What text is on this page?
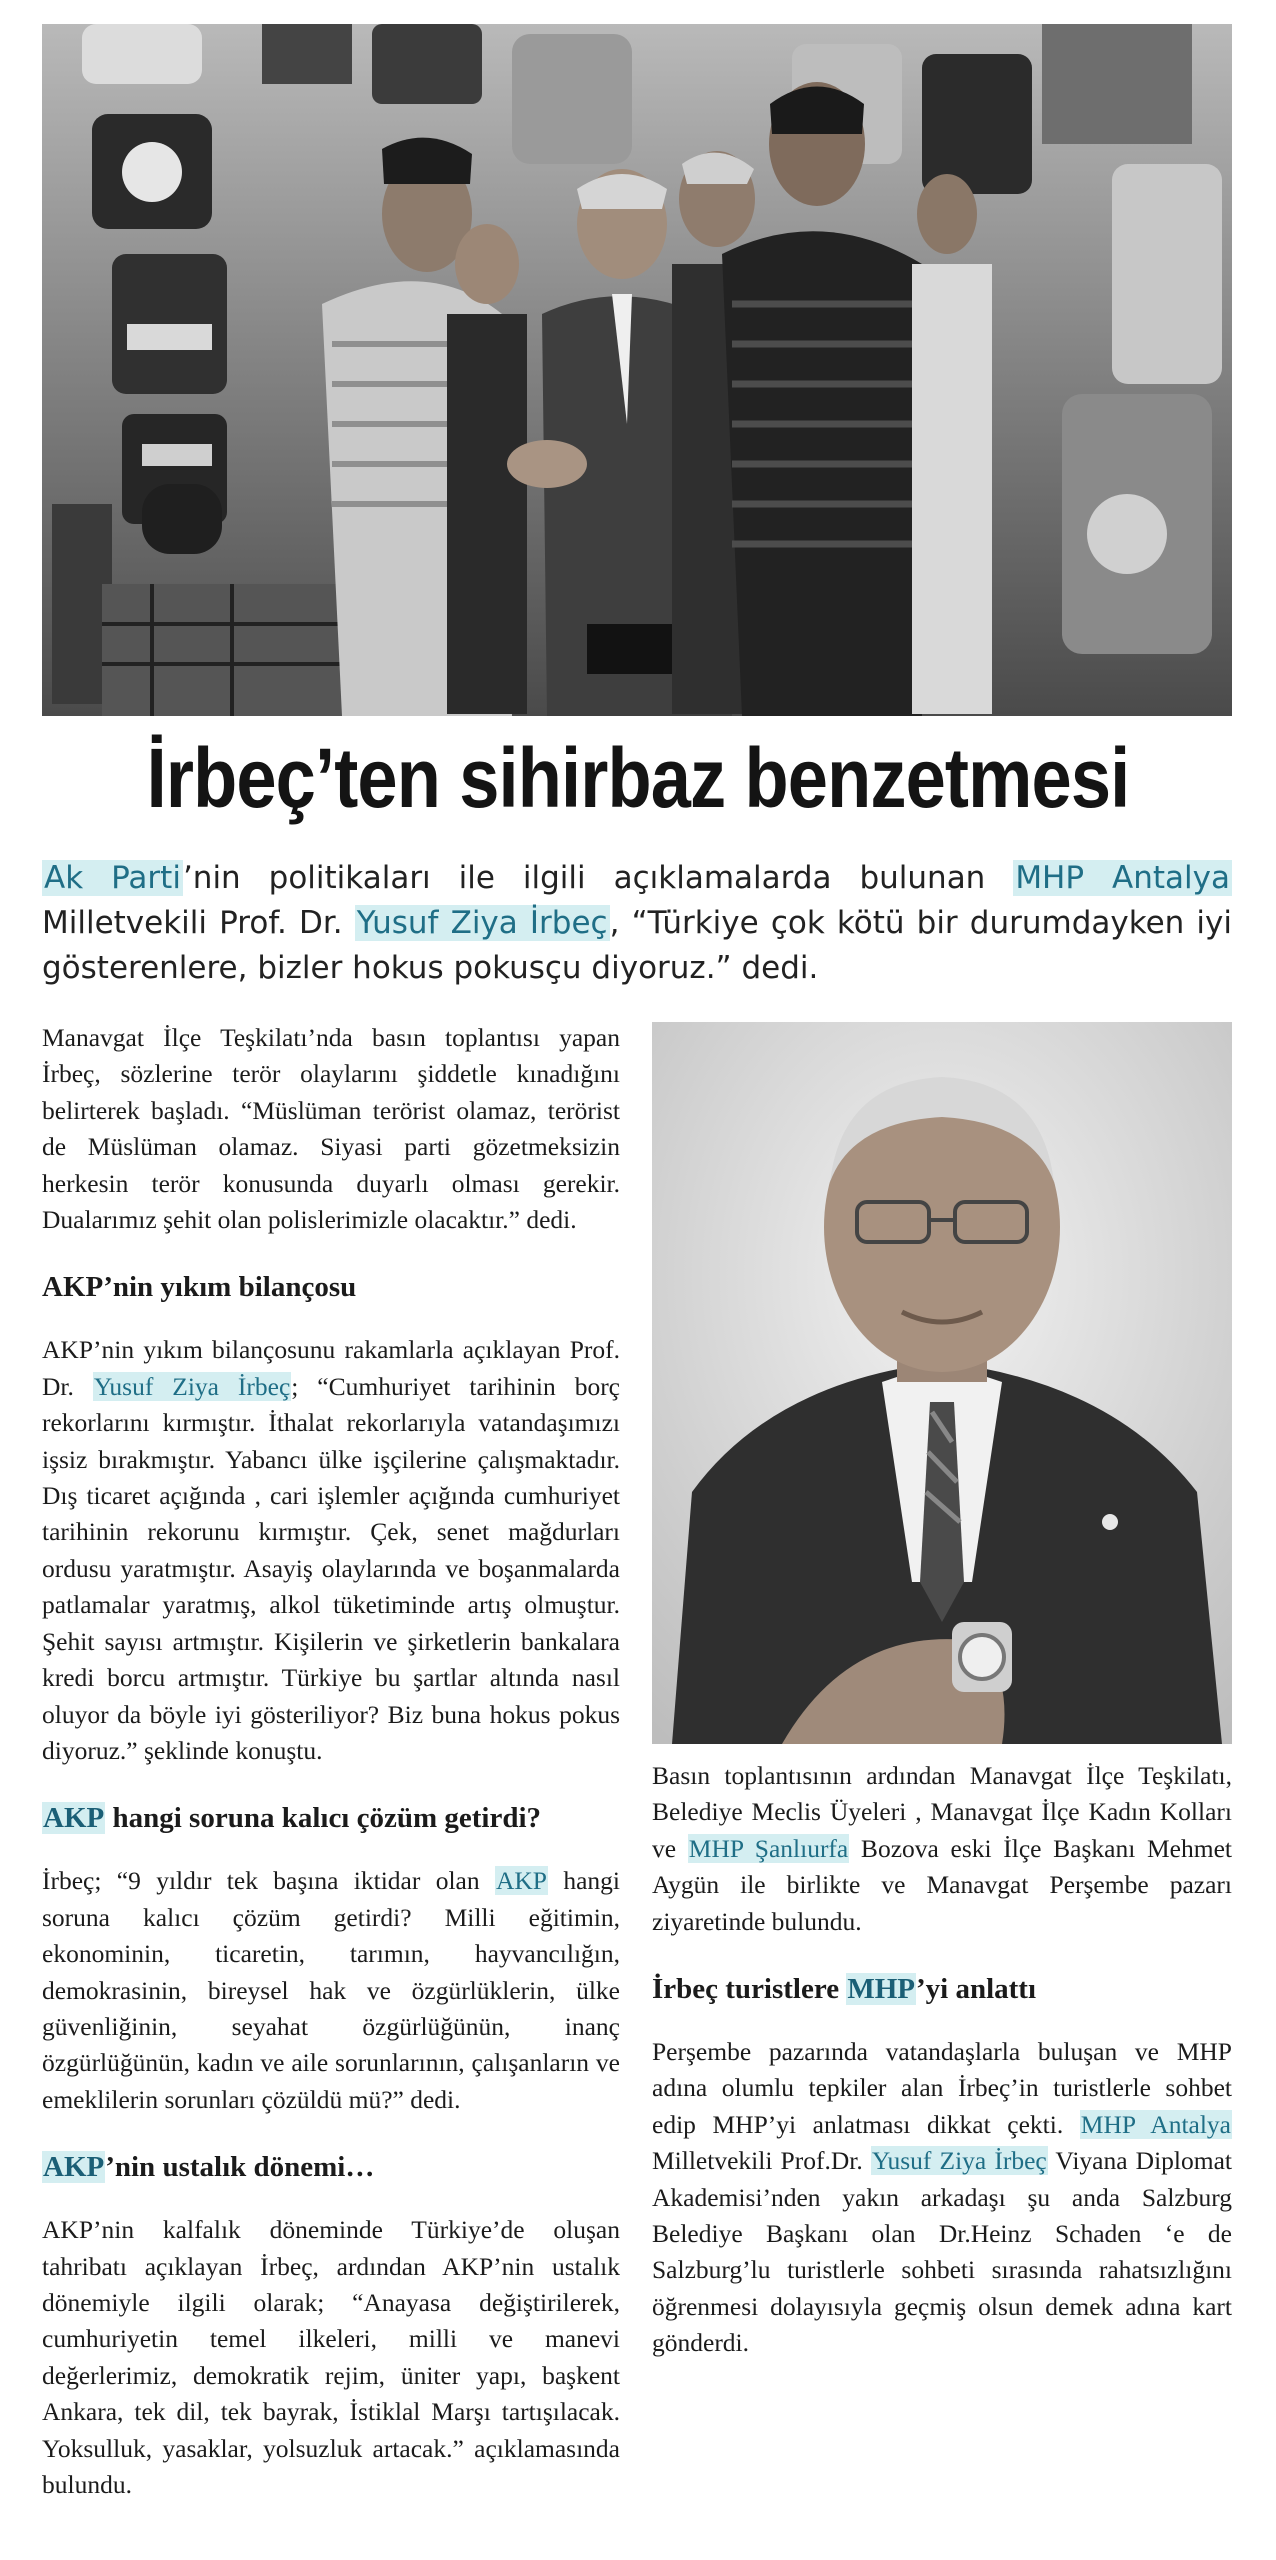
İrbeç’ten sihirbaz benzetmesi
Ak Parti’nin politikaları ile ilgili açıklamalarda bulunan MHP Antalya Milletvekili Prof. Dr. Yusuf Ziya İrbeç, “Türkiye çok kötü bir durumdayken iyi gösterenlere, bizler hokus pokusçu diyoruz.” dedi.

Manavgat İlçe Teşkilatı’nda basın toplantısı yapan İrbeç, sözlerine terör olaylarını şiddetle kınadığını belirterek başladı. “Müslüman terörist olamaz, terörist de Müslüman olamaz. Siyasi parti gözetmeksizin herkesin terör konusunda duyarlı olması gerekir. Dualarımız şehit olan polislerimizle olacaktır.” dedi.

AKP’nin yıkım bilançosu

AKP’nin yıkım bilançosunu rakamlarla açıklayan Prof. Dr. Yusuf Ziya İrbeç; “Cumhuriyet tarihinin borç rekorlarını kırmıştır. İthalat rekorlarıyla vatandaşımızı işsiz bırakmıştır. Yabancı ülke işçilerine çalışmaktadır. Dış ticaret açığında , cari işlemler açığında cumhuriyet tarihinin rekorunu kırmıştır. Çek, senet mağdurları ordusu yaratmıştır. Asayiş olaylarında ve boşanmalarda patlamalar yaratmış, alkol tüketiminde artış olmuştur. Şehit sayısı artmıştır. Kişilerin ve şirketlerin bankalara kredi borcu artmıştır. Türkiye bu şartlar altında nasıl oluyor da böyle iyi gösteriliyor? Biz buna hokus pokus diyoruz.” şeklinde konuştu.

AKP hangi soruna kalıcı çözüm getirdi?

İrbeç; “9 yıldır tek başına iktidar olan AKP hangi soruna kalıcı çözüm getirdi? Milli eğitimin, ekonominin, ticaretin, tarımın, hayvancılığın, demokrasinin, bireysel hak ve özgürlüklerin, ülke güvenliğinin, seyahat özgürlüğünün, inanç özgürlüğünün, kadın ve aile sorunlarının, çalışanların ve emeklilerin sorunları çözüldü mü?” dedi.

AKP’nin ustalık dönemi…

AKP’nin kalfalık döneminde Türkiye’de oluşan tahribatı açıklayan İrbeç, ardından AKP’nin ustalık dönemiyle ilgili olarak; “Anayasa değiştirilerek, cumhuriyetin temel ilkeleri, milli ve manevi değerlerimiz, demokratik rejim, üniter yapı, başkent Ankara, tek dil, tek bayrak, İstiklal Marşı tartışılacak. Yoksulluk, yasaklar, yolsuzluk artacak.” açıklamasında bulundu.

Basın toplantısının ardından Manavgat İlçe Teşkilatı, Belediye Meclis Üyeleri , Manavgat İlçe Kadın Kolları ve MHP Şanlıurfa Bozova eski İlçe Başkanı Mehmet Aygün ile birlikte ve Manavgat Perşembe pazarı ziyaretinde bulundu.

İrbeç turistlere MHP’yi anlattı

Perşembe pazarında vatandaşlarla buluşan ve MHP adına olumlu tepkiler alan İrbeç’in turistlerle sohbet edip MHP’yi anlatması dikkat çekti. MHP Antalya Milletvekili Prof.Dr. Yusuf Ziya İrbeç Viyana Diplomat Akademisi’nden yakın arkadaşı şu anda Salzburg Belediye Başkanı olan Dr.Heinz Schaden ‘e de Salzburg’lu turistlerle sohbeti sırasında rahatsızlığını öğrenmesi dolayısıyla geçmiş olsun demek adına kart gönderdi.
